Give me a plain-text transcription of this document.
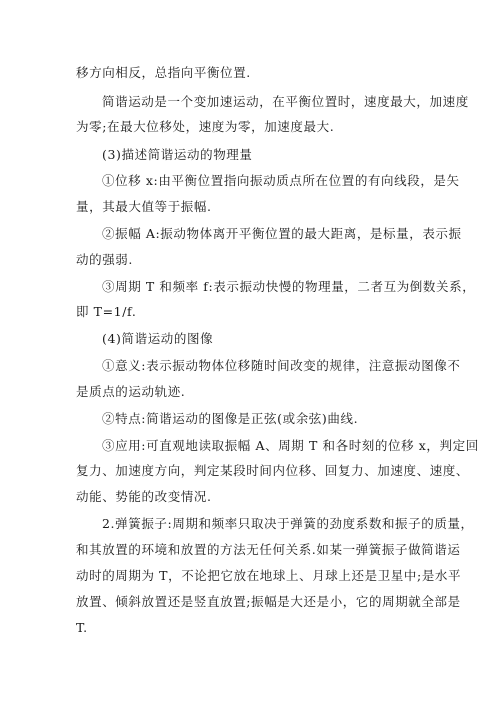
移方向相反，总指向平衡位置.
简谐运动是一个变加速运动，在平衡位置时，速度最大，加速度
为零;在最大位移处，速度为零，加速度最大.
(3)描述简谐运动的物理量
①位移 x:由平衡位置指向振动质点所在位置的有向线段，是矢
量，其最大值等于振幅.
②振幅 A:振动物体离开平衡位置的最大距离，是标量，表示振
动的强弱.
③周期 T 和频率 f:表示振动快慢的物理量，二者互为倒数关系，
即 T=1/f.
(4)简谐运动的图像
①意义:表示振动物体位移随时间改变的规律，注意振动图像不
是质点的运动轨迹.
②特点:简谐运动的图像是正弦(或余弦)曲线.
③应用:可直观地读取振幅 A、周期 T 和各时刻的位移 x，判定回
复力、加速度方向，判定某段时间内位移、回复力、加速度、速度、
动能、势能的改变情况.
2.弹簧振子:周期和频率只取决于弹簧的劲度系数和振子的质量，
和其放置的环境和放置的方法无任何关系.如某一弹簧振子做简谐运
动时的周期为 T，不论把它放在地球上、月球上还是卫星中;是水平
放置、倾斜放置还是竖直放置;振幅是大还是小，它的周期就全部是
T.
